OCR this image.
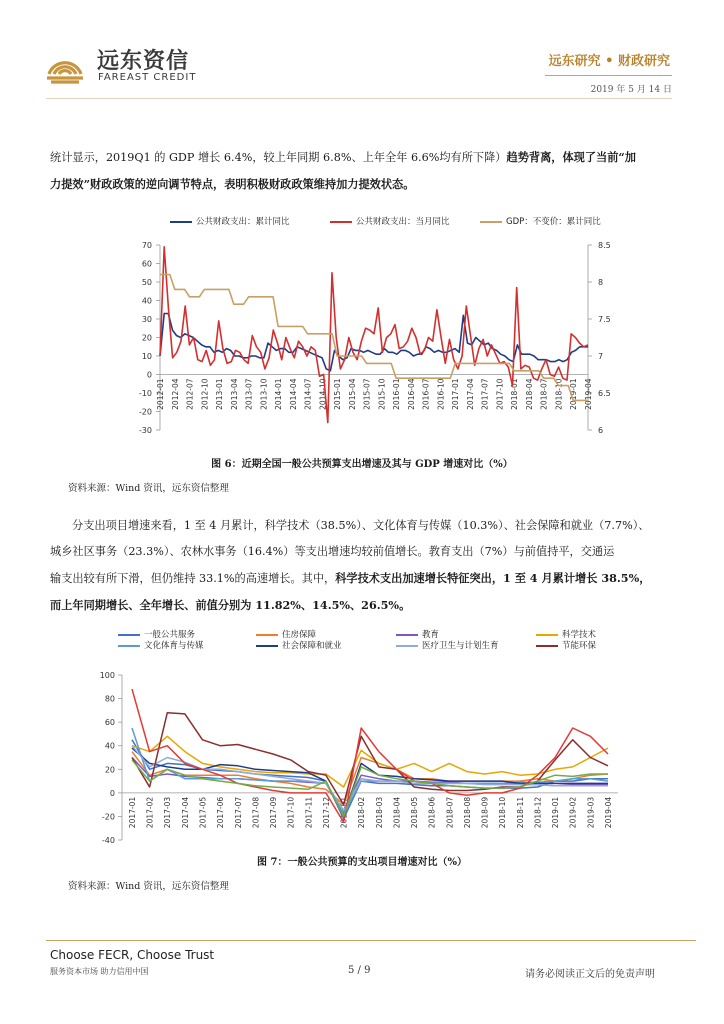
远东资信
FAREAST CREDIT
远东研究 • 财政研究
2019 年 5 月 14 日
统计显示，2019Q1 的 GDP 增长 6.4%，较上年同期 6.8%、上年全年 6.6%均有所下降）趋势背离，体现了当前“加
力提效”财政政策的逆向调节特点，表明积极财政政策维持加力提效状态。
-30
-20
-10
0
10
20
30
40
50
60
70
6
6.5
7
7.5
8
8.5
2012-01 2012-04 2012-07 2012-10 2013-01 2013-04 2013-07 2013-10 2014-01 2014-04 2014-07 2014-10 2015-01 2015-04 2015-07 2015-10 2016-01 2016-04 2016-07 2016-10 2017-01 2017-04 2017-07 2017-10 2018-01 2018-04 2018-07 2018-10 2019-01 2019-04
公共财政支出：累计同比	公共财政支出：当月同比	GDP：不变价：累计同比
图 6：近期全国一般公共预算支出增速及其与 GDP 增速对比（%）
资料来源：Wind 资讯，远东资信整理
分支出项目增速来看，1 至 4 月累计，科学技术（38.5%）、文化体育与传媒（10.3%）、社会保障和就业（7.7%）、
城乡社区事务（23.3%）、农林水事务（16.4%）等支出增速均较前值增长。教育支出（7%）与前值持平，交通运
输支出较有所下滑，但仍维持 33.1%的高速增长。其中，科学技术支出加速增长特征突出，1 至 4 月累计增长 38.5%，
而上年同期增长、全年增长、前值分别为 11.82%、14.5%、26.5%。
-40
-20
0
20
40
60
80
100
2017-01 2017-02 2017-03 2017-04 2017-05 2017-06 2017-07 2017-08 2017-09 2017-10 2017-11 2017-12 2018-01 2018-02 2018-03 2018-04 2018-05 2018-06 2018-07 2018-08 2018-09 2018-10 2018-11 2018-12 2019-01 2019-02 2019-03 2019-04
一般公共服务	住房保障	教育	科学技术
文化体育与传媒	社会保障和就业	医疗卫生与计划生育	节能环保
图 7：一般公共预算的支出项目增速对比（%）
资料来源：Wind 资讯，远东资信整理
Choose FECR, Choose Trust
服务资本市场 助力信用中国	5 / 9	请务必阅读正文后的免责声明
